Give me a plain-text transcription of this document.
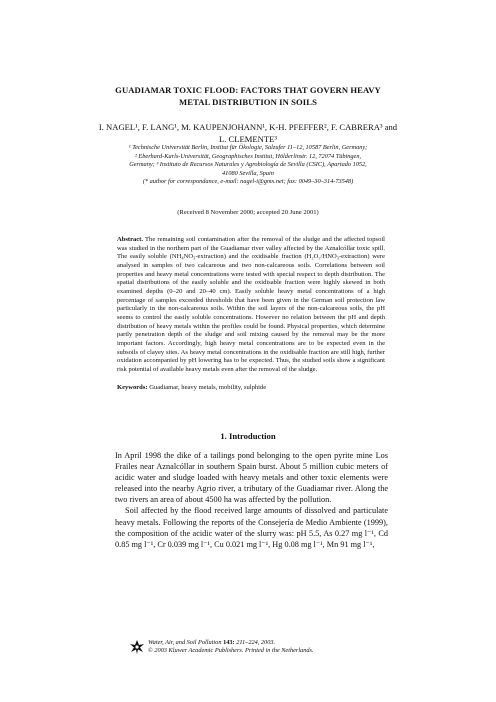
GUADIAMAR TOXIC FLOOD: FACTORS THAT GOVERN HEAVY
METAL DISTRIBUTION IN SOILS
I. NAGEL¹, F. LANG¹, M. KAUPENJOHANN¹, K-H. PFEFFER², F. CABRERA³ and
L. CLEMENTE³
¹ Technische Universität Berlin, Institut für Ökologie, Salzufer 11–12, 10587 Berlin, Germany;
² Eberhard-Karls-Universität, Geographisches Institut, Hölderlinstr. 12, 72074 Tübingen,
Germany; ³ Instituto de Recursos Naturales y Agrobiología de Sevilla (CSIC), Apartado 1052,
41080 Sevilla, Spain
(* author for correspondance, e-mail: nagel-i@gmx.net; fax: 0049–30–314-73548)
(Received 8 November 2000; accepted 20 June 2001)
Abstract. The remaining soil contamination after the removal of the sludge and the affected topsoil was studied in the northern part of the Guadiamar river valley affected by the Aznalcóllar toxic spill. The easily soluble (NH₄NO₃-extraction) and the oxidisable fraction (H₂O₂/HNO₃-extraction) were analysed in samples of two calcareous and two non-calcareous soils. Correlations between soil properties and heavy metal concentrations were tested with special respect to depth distribution. The spatial distributions of the easily soluble and the oxidisable fraction were highly skewed in both examined depths (0–20 and 20–40 cm). Easily soluble heavy metal concentrations of a high percentage of samples exceeded thresholds that have been given in the German soil protection law particularly in the non-calcareous soils. Within the soil layers of the non-calcareous soils, the pH seems to control the easily soluble concentrations. However no relation between the pH and depth distribution of heavy metals within the profiles could be found. Physical properties, which determine partly penetration depth of the sludge and soil mixing caused by the removal may be the more important factors. Accordingly, high heavy metal concentrations are to be expected even in the subsoils of clayey sites. As heavy metal concentrations in the oxidisable fraction are still high, further oxidation accompanied by pH lowering has to be expected. Thus, the studied soils show a significant risk potential of available heavy metals even after the removal of the sludge.
Keywords: Guadiamar, heavy metals, mobility, sulphide
1. Introduction

In April 1998 the dike of a tailings pond belonging to the open pyrite mine Los Frailes near Aznalcóllar in southern Spain burst. About 5 million cubic meters of acidic water and sludge loaded with heavy metals and other toxic elements were released into the nearby Agrio river, a tributary of the Guadiamar river. Along the two rivers an area of about 4500 ha was affected by the pollution.

Soil affected by the flood received large amounts of dissolved and particulate heavy metals. Following the reports of the Consejería de Medio Ambiente (1999), the composition of the acidic water of the slurry was: pH 5.5, As 0.27 mg l⁻¹, Cd 0.85 mg l⁻¹, Cr 0.039 mg l⁻¹, Cu 0.021 mg l⁻¹, Hg 0.08 mg l⁻¹, Mn 91 mg l⁻¹,

Water, Air, and Soil Pollution 143: 211–224, 2003.
© 2003 Kluwer Academic Publishers. Printed in the Netherlands.
